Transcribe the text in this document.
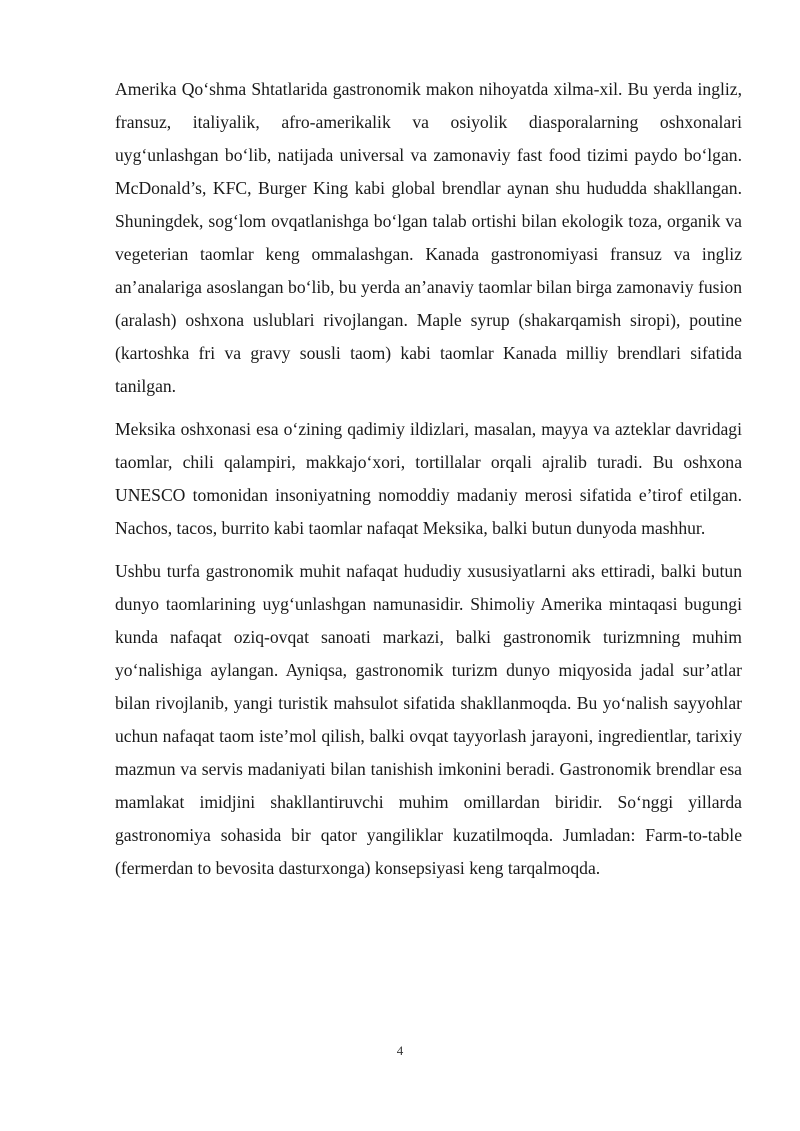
Amerika Qo‘shma Shtatlarida gastronomik makon nihoyatda xilma-xil. Bu yerda ingliz, fransuz, italiyalik, afro-amerikalik va osiyolik diasporalarning oshxonalari uyg‘unlashgan bo‘lib, natijada universal va zamonaviy fast food tizimi paydo bo‘lgan. McDonald’s, KFC, Burger King kabi global brendlar aynan shu hududda shakllangan. Shuningdek, sog‘lom ovqatlanishga bo‘lgan talab ortishi bilan ekologik toza, organik va vegeterian taomlar keng ommalashgan. Kanada gastronomiyasi fransuz va ingliz an’analariga asoslangan bo‘lib, bu yerda an’anaviy taomlar bilan birga zamonaviy fusion (aralash) oshxona uslublari rivojlangan. Maple syrup (shakarqamish siropi), poutine (kartoshka fri va gravy sousli taom) kabi taomlar Kanada milliy brendlari sifatida tanilgan.

Meksika oshxonasi esa o‘zining qadimiy ildizlari, masalan, mayya va azteklar davridagi taomlar, chili qalampiri, makkajo‘xori, tortillalar orqali ajralib turadi. Bu oshxona UNESCO tomonidan insoniyatning nomoddiy madaniy merosi sifatida e’tirof etilgan. Nachos, tacos, burrito kabi taomlar nafaqat Meksika, balki butun dunyoda mashhur.

Ushbu turfa gastronomik muhit nafaqat hududiy xususiyatlarni aks ettiradi, balki butun dunyo taomlarining uyg‘unlashgan namunasidir. Shimoliy Amerika mintaqasi bugungi kunda nafaqat oziq-ovqat sanoati markazi, balki gastronomik turizmning muhim yo‘nalishiga aylangan. Ayniqsa, gastronomik turizm dunyo miqyosida jadal sur’atlar bilan rivojlanib, yangi turistik mahsulot sifatida shakllanmoqda. Bu yo‘nalish sayyohlar uchun nafaqat taom iste’mol qilish, balki ovqat tayyorlash jarayoni, ingredientlar, tarixiy mazmun va servis madaniyati bilan tanishish imkonini beradi. Gastronomik brendlar esa mamlakat imidjini shakllantiruvchi muhim omillardan biridir. So‘nggi yillarda gastronomiya sohasida bir qator yangiliklar kuzatilmoqda. Jumladan: Farm-to-table (fermerdan to bevosita dasturxonga) konsepsiyasi keng tarqalmoqda.

4
